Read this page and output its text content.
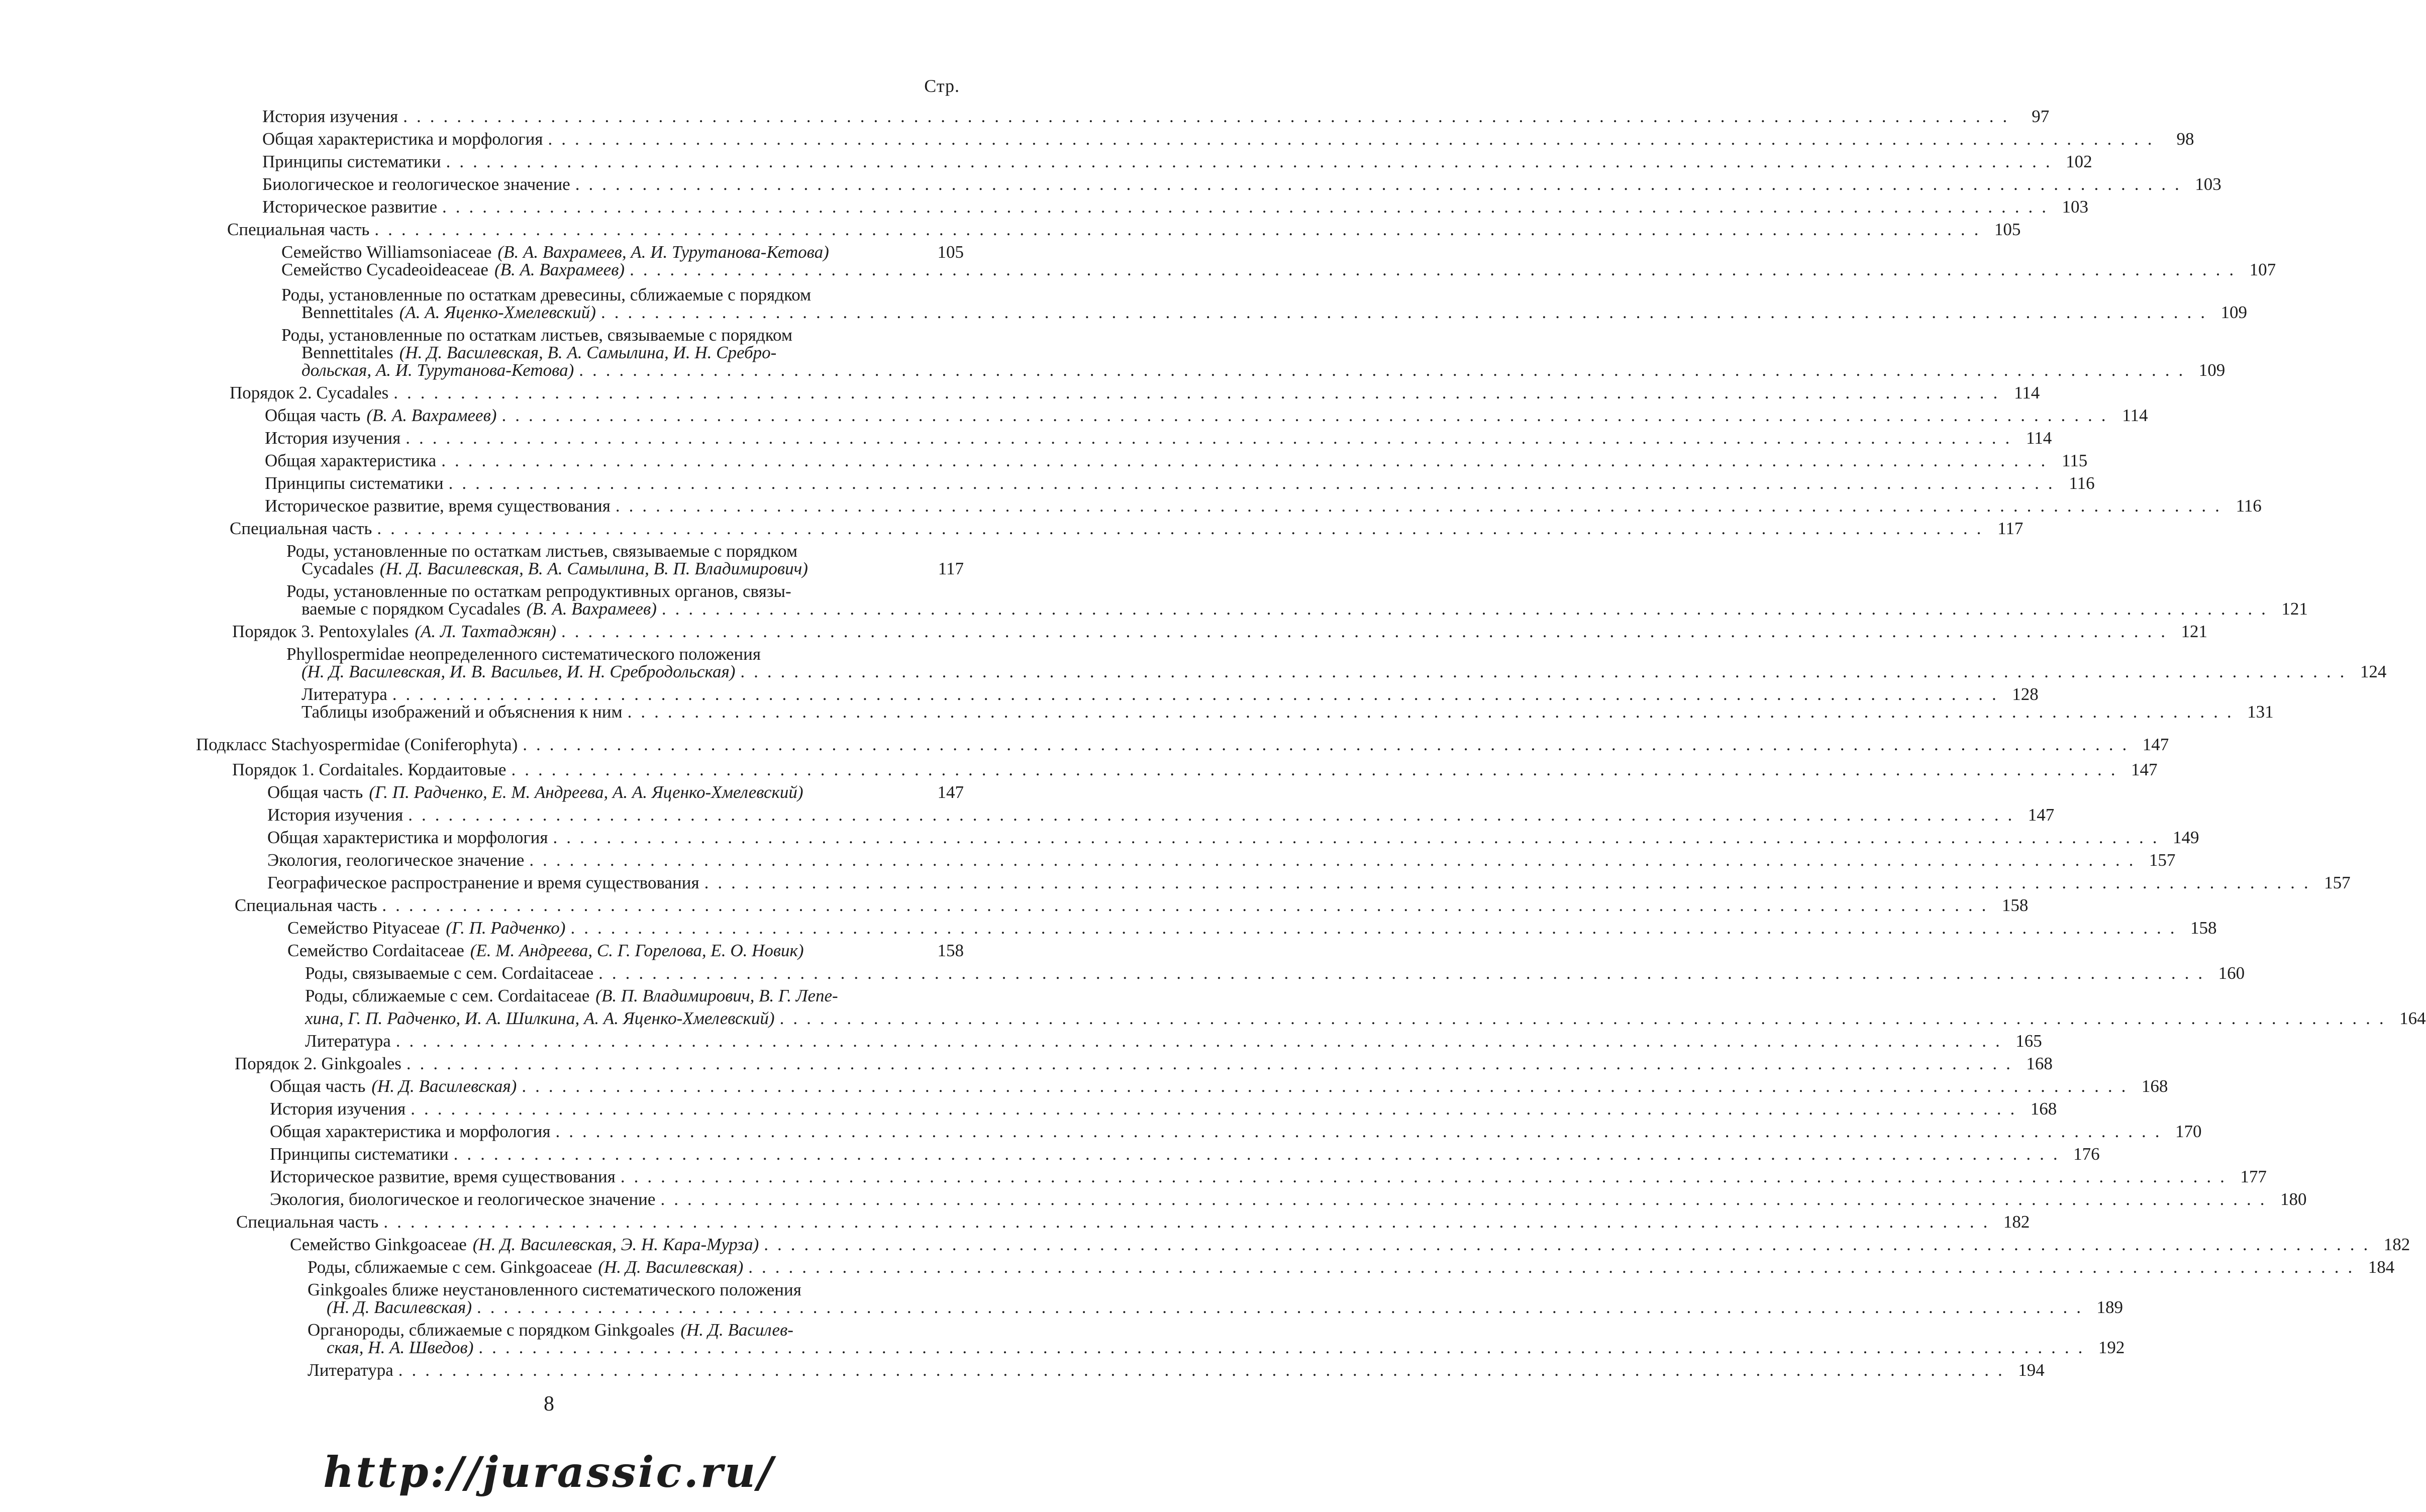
Стр.
История изучения ........................................................................................................................ 97
Общая характеристика и морфология ........................................................................................................................ 98
Принципы систематики ........................................................................................................................ 102
Биологическое и геологическое значение ........................................................................................................................ 103
Историческое развитие ........................................................................................................................ 103
Специальная часть ........................................................................................................................ 105
Семейство Williamsoniaceae (В. А. Вахрамеев, А. И. Турутанова-Кетова)	105
Семейство Cycadeoideaceae (В. А. Вахрамеев) ........................................................................................................................ 107
Роды, установленные по остаткам древесины, сближаемые с порядком
Bennettitales (А. А. Яценко-Хмелевский) ........................................................................................................................ 109
Роды, установленные по остаткам листьев, связываемые с порядком
Bennettitales (Н. Д. Василевская, В. А. Самылина, И. Н. Сребро-
дольская, А. И. Турутанова-Кетова) ........................................................................................................................ 109
Порядок 2. Cycadales ........................................................................................................................ 114
Общая часть (В. А. Вахрамеев) ........................................................................................................................ 114
История изучения ........................................................................................................................ 114
Общая характеристика ........................................................................................................................ 115
Принципы систематики ........................................................................................................................ 116
Историческое развитие, время существования ........................................................................................................................ 116
Специальная часть ........................................................................................................................ 117
Роды, установленные по остаткам листьев, связываемые с порядком
Cycadales (Н. Д. Василевская, В. А. Самылина, В. П. Владимирович)	117
Роды, установленные по остаткам репродуктивных органов, связы-
ваемые с порядком Cycadales (В. А. Вахрамеев) ........................................................................................................................ 121
Порядок 3. Pentoxylales (А. Л. Тахтаджян) ........................................................................................................................ 121
Phyllospermidae неопределенного систематического положения
(Н. Д. Василевская, И. В. Васильев, И. Н. Сребродольская) ........................................................................................................................ 124
Литература ........................................................................................................................ 128
Таблицы изображений и объяснения к ним ........................................................................................................................ 131
Подкласс Stachyospermidae (Coniferophyta) ........................................................................................................................ 147
Порядок 1. Cordaitales. Кордаитовые ........................................................................................................................ 147
Общая часть (Г. П. Радченко, Е. М. Андреева, А. А. Яценко-Хмелевский)	147
История изучения ........................................................................................................................ 147
Общая характеристика и морфология ........................................................................................................................ 149
Экология, геологическое значение ........................................................................................................................ 157
Географическое распространение и время существования ........................................................................................................................ 157
Специальная часть ........................................................................................................................ 158
Семейство Pityaceae (Г. П. Радченко) ........................................................................................................................ 158
Семейство Cordaitaceae (Е. М. Андреева, С. Г. Горелова, Е. О. Новик)	158
Роды, связываемые с сем. Cordaitaceae ........................................................................................................................ 160
Роды, сближаемые с сем. Cordaitaceae (В. П. Владимирович, В. Г. Лепе-
хина, Г. П. Радченко, И. А. Шилкина, А. А. Яценко-Хмелевский) ........................................................................................................................ 164
Литература ........................................................................................................................ 165
Порядок 2. Ginkgoales ........................................................................................................................ 168
Общая часть (Н. Д. Василевская) ........................................................................................................................ 168
История изучения ........................................................................................................................ 168
Общая характеристика и морфология ........................................................................................................................ 170
Принципы систематики ........................................................................................................................ 176
Историческое развитие, время существования ........................................................................................................................ 177
Экология, биологическое и геологическое значение ........................................................................................................................ 180
Специальная часть ........................................................................................................................ 182
Семейство Ginkgoaceae (Н. Д. Василевская, Э. Н. Кара-Мурза) ........................................................................................................................ 182
Роды, сближаемые с сем. Ginkgoaceae (Н. Д. Василевская) ........................................................................................................................ 184
Ginkgoales ближе неустановленного систематического положения
(Н. Д. Василевская) ........................................................................................................................ 189
Органороды, сближаемые с порядком Ginkgoales (Н. Д. Василев-
ская, Н. А. Шведов) ........................................................................................................................ 192
Литература ........................................................................................................................ 194
8
http://jurassic.ru/
